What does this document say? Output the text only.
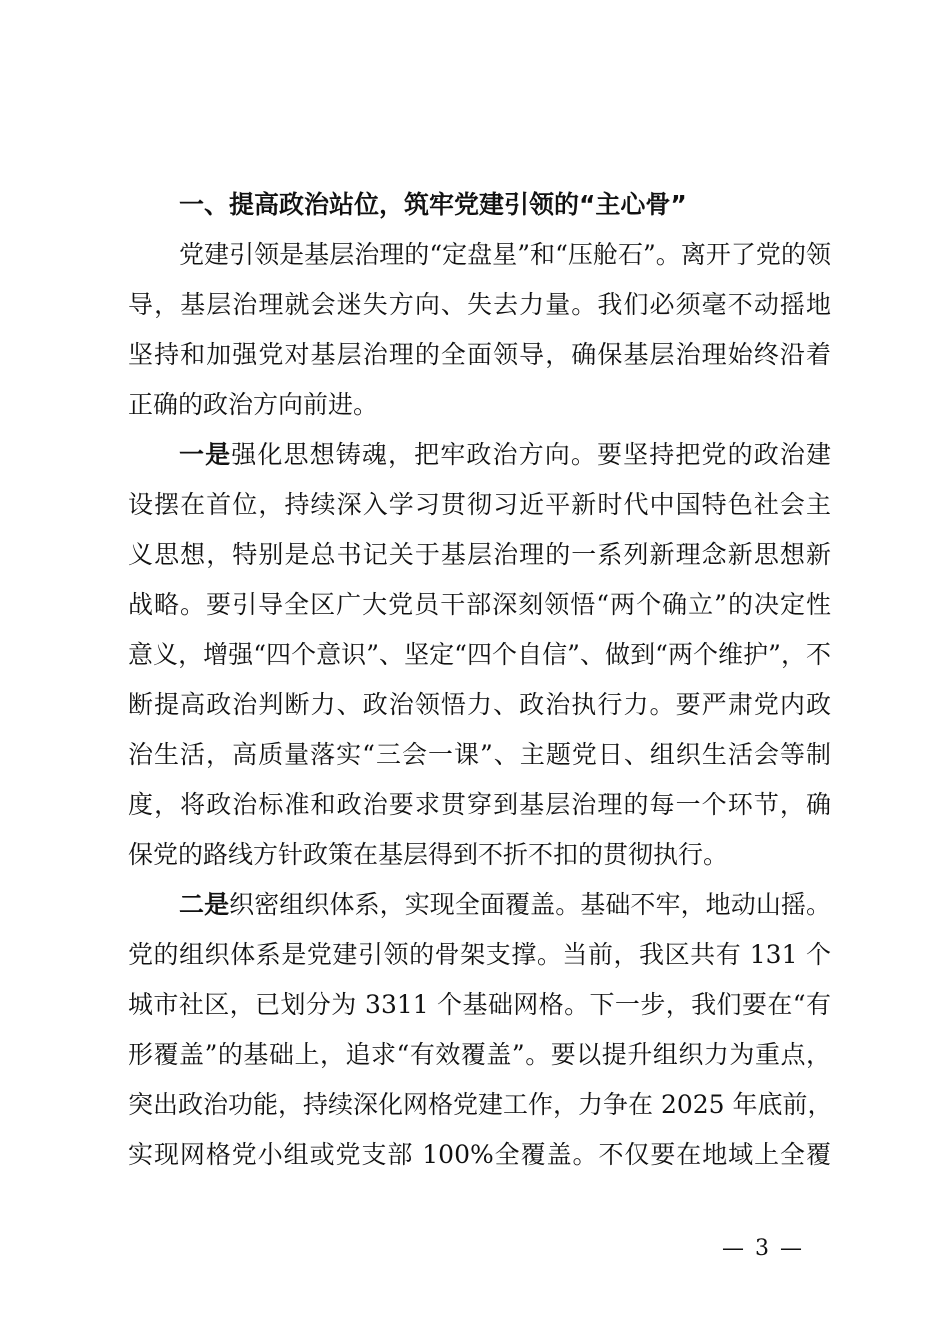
一、提高政治站位，筑牢党建引领的“主心骨”
党建引领是基层治理的“定盘星”和“压舱石”。离开了党的领
导，基层治理就会迷失方向、失去力量。我们必须毫不动摇地
坚持和加强党对基层治理的全面领导，确保基层治理始终沿着
正确的政治方向前进。
一是强化思想铸魂，把牢政治方向。要坚持把党的政治建
设摆在首位，持续深入学习贯彻习近平新时代中国特色社会主
义思想，特别是总书记关于基层治理的一系列新理念新思想新
战略。要引导全区广大党员干部深刻领悟“两个确立”的决定性
意义，增强“四个意识”、坚定“四个自信”、做到“两个维护”，不
断提高政治判断力、政治领悟力、政治执行力。要严肃党内政
治生活，高质量落实“三会一课”、主题党日、组织生活会等制
度，将政治标准和政治要求贯穿到基层治理的每一个环节，确
保党的路线方针政策在基层得到不折不扣的贯彻执行。
二是织密组织体系，实现全面覆盖。基础不牢，地动山摇。
党的组织体系是党建引领的骨架支撑。当前，我区共有 131 个
城市社区，已划分为 3311 个基础网格。下一步，我们要在“有
形覆盖”的基础上，追求“有效覆盖”。要以提升组织力为重点，
突出政治功能，持续深化网格党建工作，力争在 2025 年底前，
实现网格党小组或党支部 100%全覆盖。不仅要在地域上全覆
— 3 —
